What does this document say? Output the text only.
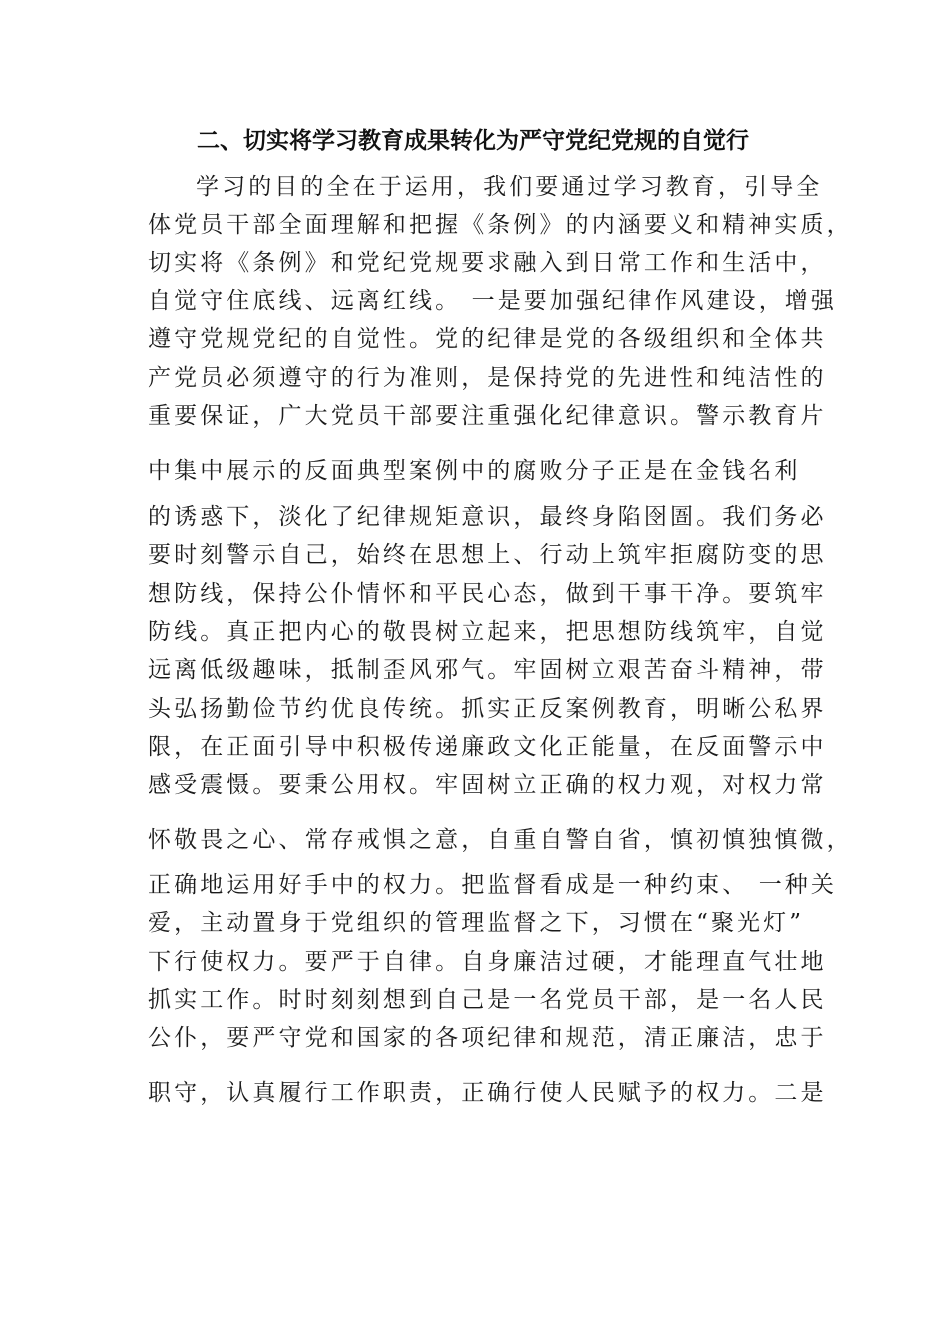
二、切实将学习教育成果转化为严守党纪党规的自觉行
学习的目的全在于运用，我们要通过学习教育，引导全
体党员干部全面理解和把握《条例》的内涵要义和精神实质，
切实将《条例》和党纪党规要求融入到日常工作和生活中，
自觉守住底线、远离红线。 一是要加强纪律作风建设，增强
遵守党规党纪的自觉性。党的纪律是党的各级组织和全体共
产党员必须遵守的行为准则，是保持党的先进性和纯洁性的
重要保证，广大党员干部要注重强化纪律意识。警示教育片
中集中展示的反面典型案例中的腐败分子正是在金钱名利
的诱惑下，淡化了纪律规矩意识，最终身陷囹圄。我们务必
要时刻警示自己，始终在思想上、行动上筑牢拒腐防变的思
想防线，保持公仆情怀和平民心态，做到干事干净。要筑牢
防线。真正把内心的敬畏树立起来，把思想防线筑牢，自觉
远离低级趣味，抵制歪风邪气。牢固树立艰苦奋斗精神，带
头弘扬勤俭节约优良传统。抓实正反案例教育，明晰公私界
限，在正面引导中积极传递廉政文化正能量，在反面警示中
感受震慑。要秉公用权。牢固树立正确的权力观，对权力常
怀敬畏之心、常存戒惧之意，自重自警自省，慎初慎独慎微，
正确地运用好手中的权力。把监督看成是一种约束、 一种关
爱，主动置身于党组织的管理监督之下，习惯在“聚光灯”
下行使权力。要严于自律。自身廉洁过硬，才能理直气壮地
抓实工作。时时刻刻想到自己是一名党员干部，是一名人民
公仆，要严守党和国家的各项纪律和规范，清正廉洁，忠于
职守，认真履行工作职责，正确行使人民赋予的权力。二是
